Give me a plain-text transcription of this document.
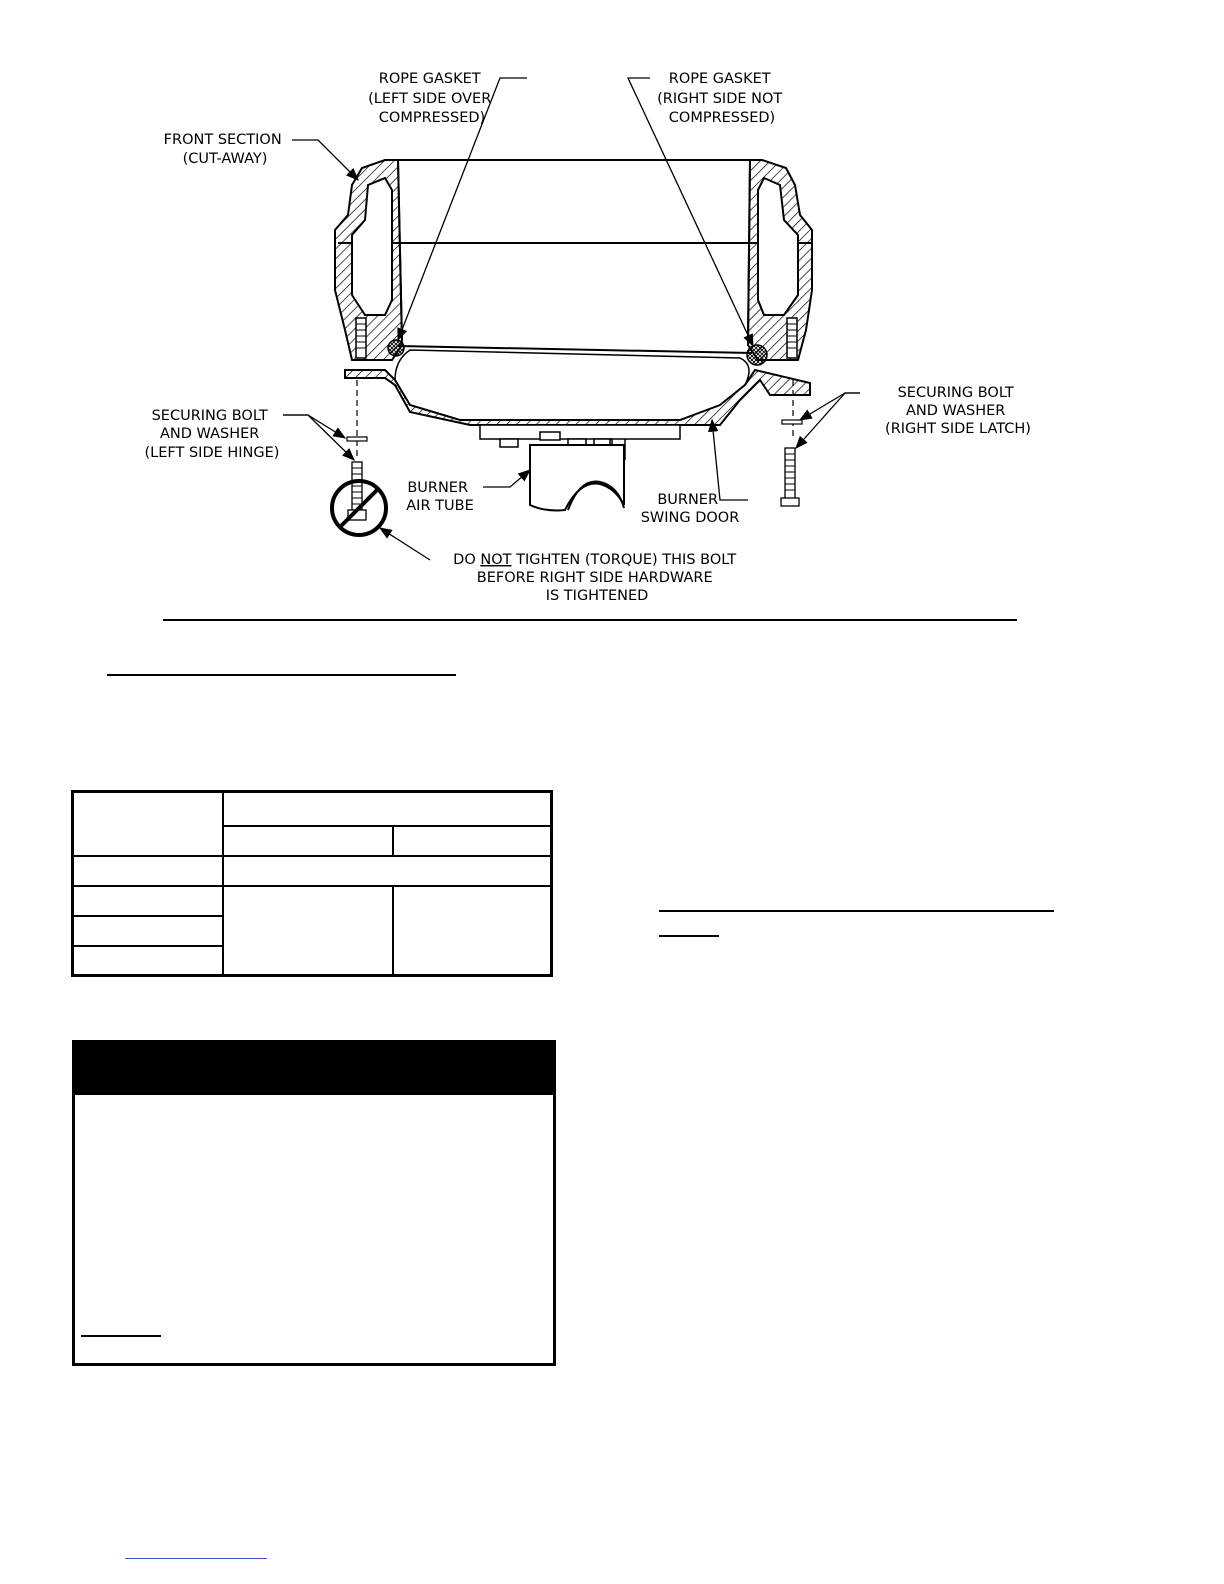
ROPE GASKET (LEFT SIDE OVER COMPRESSED)
ROPE GASKET (RIGHT SIDE NOT COMPRESSED)
FRONT SECTION (CUT-AWAY)
SECURING BOLT AND WASHER (LEFT SIDE HINGE)
SECURING BOLT AND WASHER (RIGHT SIDE LATCH)
BURNER AIR TUBE	BURNER SWING DOOR
DO NOT TIGHTEN (TORQUE) THIS BOLT BEFORE RIGHT SIDE HARDWARE IS TIGHTENED
